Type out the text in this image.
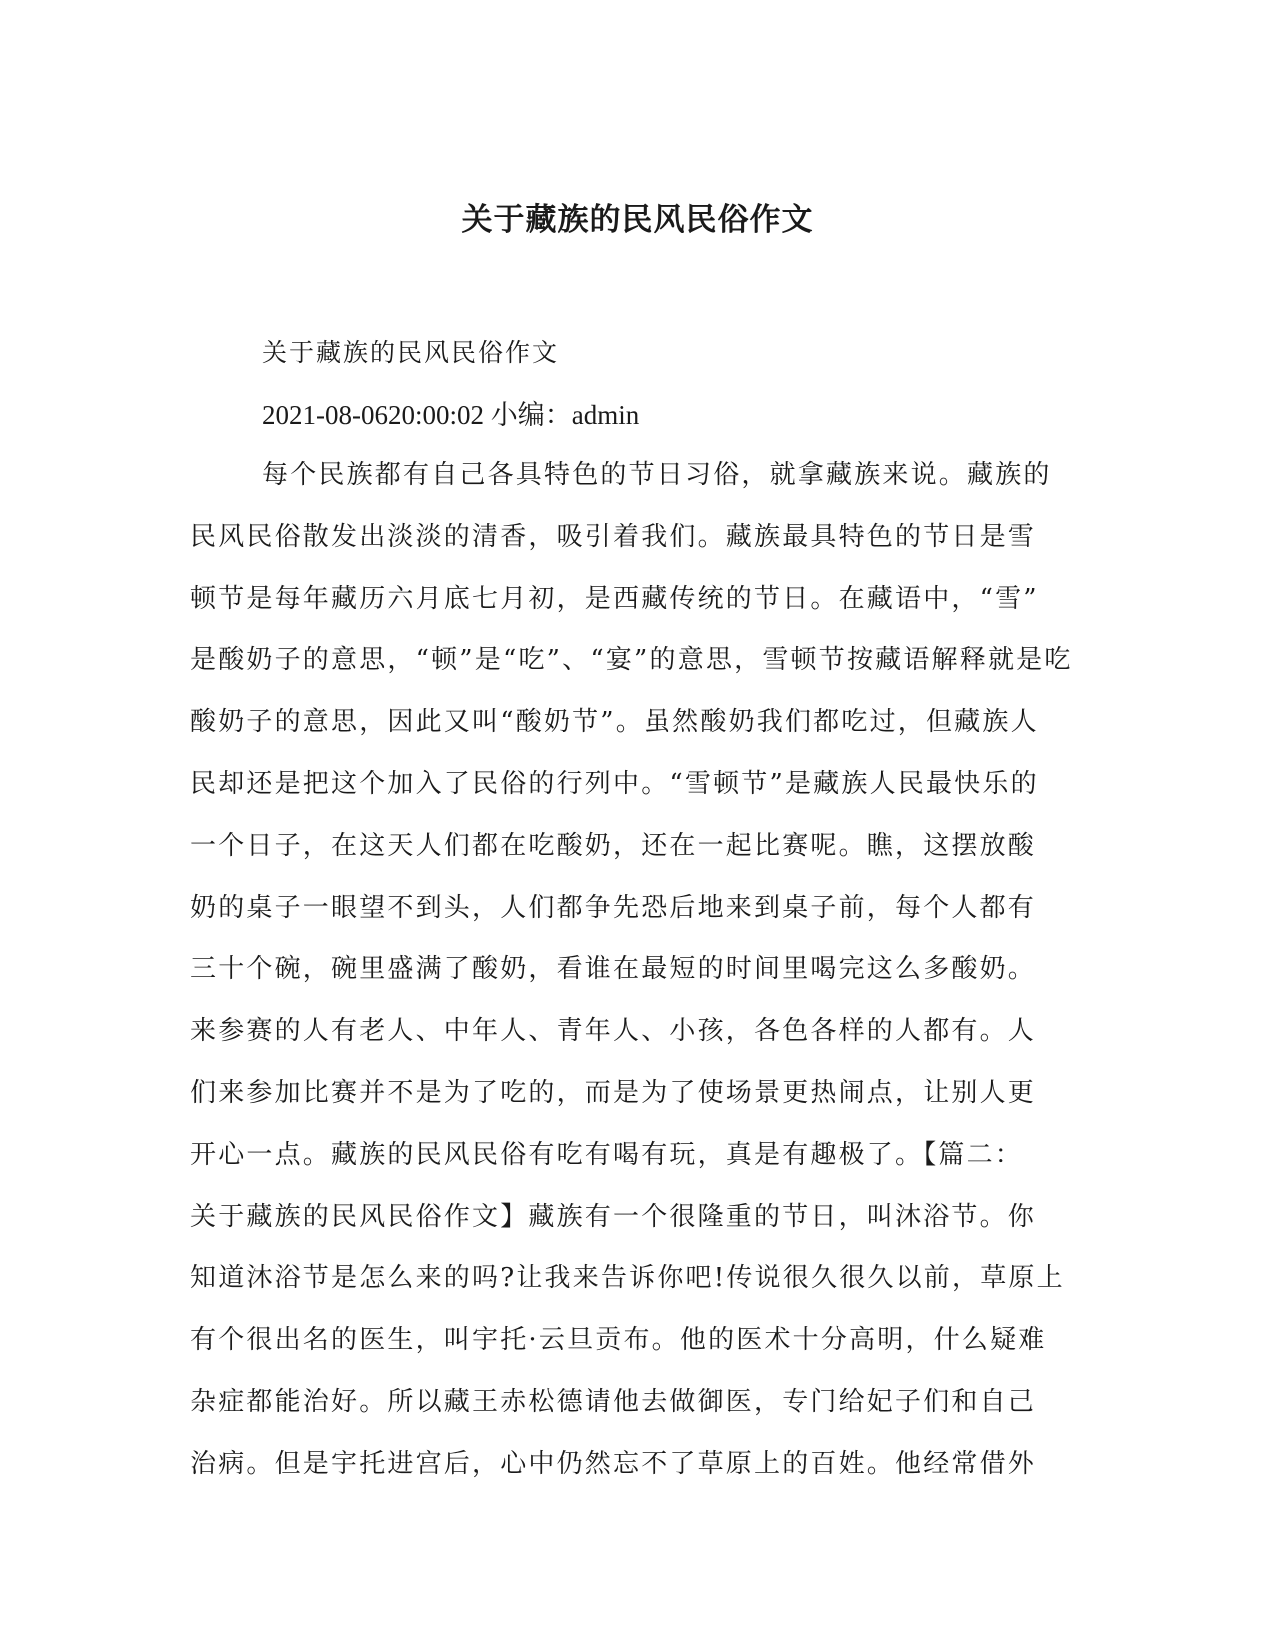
关于藏族的民风民俗作文
关于藏族的民风民俗作文
2021-08-0620:00:02 小编：admin
每个民族都有自己各具特色的节日习俗，就拿藏族来说。藏族的
民风民俗散发出淡淡的清香，吸引着我们。藏族最具特色的节日是雪
顿节是每年藏历六月底七月初，是西藏传统的节日。在藏语中，“雪”
是酸奶子的意思，“顿”是“吃”、“宴”的意思，雪顿节按藏语解释就是吃
酸奶子的意思，因此又叫“酸奶节”。虽然酸奶我们都吃过，但藏族人
民却还是把这个加入了民俗的行列中。“雪顿节”是藏族人民最快乐的
一个日子，在这天人们都在吃酸奶，还在一起比赛呢。瞧，这摆放酸
奶的桌子一眼望不到头，人们都争先恐后地来到桌子前，每个人都有
三十个碗，碗里盛满了酸奶，看谁在最短的时间里喝完这么多酸奶。
来参赛的人有老人、中年人、青年人、小孩，各色各样的人都有。人
们来参加比赛并不是为了吃的，而是为了使场景更热闹点，让别人更
开心一点。藏族的民风民俗有吃有喝有玩，真是有趣极了。【篇二：
关于藏族的民风民俗作文】藏族有一个很隆重的节日，叫沐浴节。你
知道沐浴节是怎么来的吗?让我来告诉你吧!传说很久很久以前，草原上
有个很出名的医生，叫宇托·云旦贡布。他的医术十分高明，什么疑难
杂症都能治好。所以藏王赤松德请他去做御医，专门给妃子们和自己
治病。但是宇托进宫后，心中仍然忘不了草原上的百姓。他经常借外
